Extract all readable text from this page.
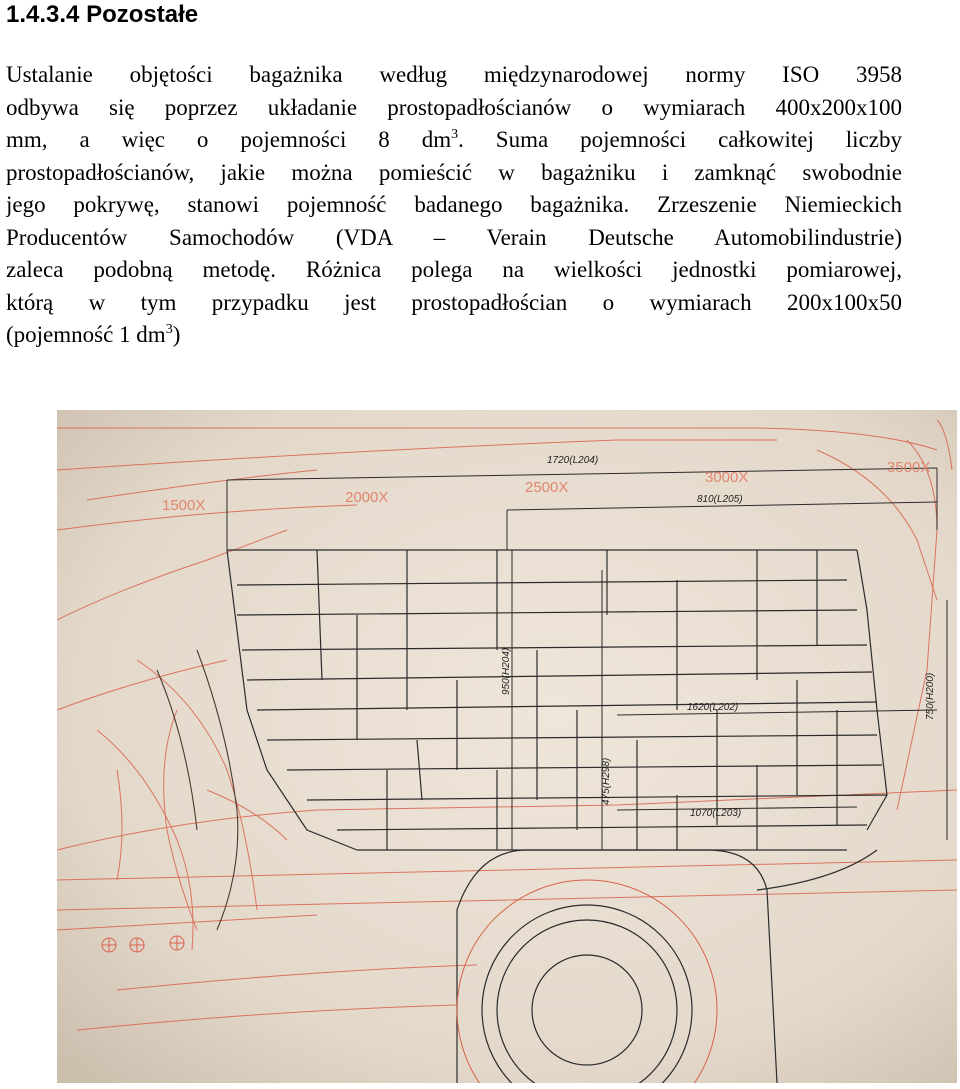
1.4.3.4 Pozostałe
Ustalanie objętości bagażnika według międzynarodowej normy ISO 3958
odbywa się poprzez układanie prostopadłościanów o wymiarach 400x200x100
mm, a więc o pojemności 8 $dm^3$. Suma pojemności całkowitej liczby
prostopadłościanów, jakie można pomieścić w bagażniku i zamknąć swobodnie
jego pokrywę, stanowi pojemność badanego bagażnika. Zrzeszenie Niemieckich
Producentów Samochodów (VDA – Verain Deutsche Automobilindustrie)
zaleca podobną metodę. Różnica polega na wielkości jednostki pomiarowej,
którą w tym przypadku jest prostopadłościan o wymiarach 200x100x50
(pojemność 1 $dm^3$)
1500X	2000X
2500X
3000X
3500X
1720(L204)
810(L205)
1620(L202)
1070(L203)
950(H204)
475(H298)
750(H200)
